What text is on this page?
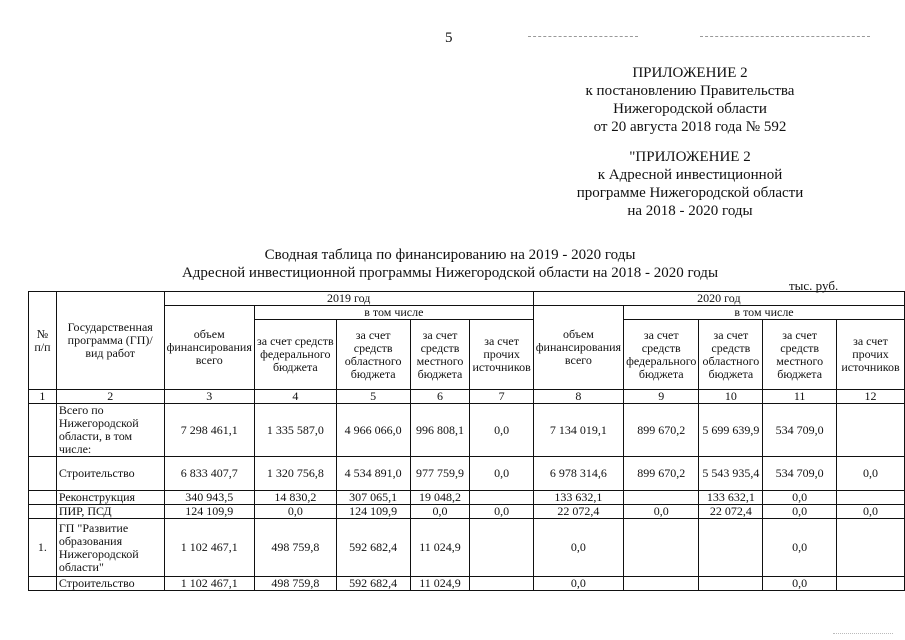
5
ПРИЛОЖЕНИЕ 2
к постановлению Правительства
Нижегородской области
от 20 августа 2018 года № 592
"ПРИЛОЖЕНИЕ 2
к Адресной инвестиционной
программе Нижегородской области
на 2018 - 2020 годы
Сводная таблица по финансированию на 2019 - 2020 годы
Адресной инвестиционной программы Нижегородской области на 2018 - 2020 годы
тыс. руб.
№ п/п	Государственная программа (ГП)/ вид работ	2019 год					2020 год				
		объем финансирования всего	в том числе				объем финансирования всего	в том числе			
			за счет средств федерального бюджета	за счет средств областного бюджета	за счет средств местного бюджета	за счет прочих источников		за счет средств федерального бюджета	за счет средств областного бюджета	за счет средств местного бюджета	за счет прочих источников
1	2	3	4	5	6	7	8	9	10	11	12
	Всего по Нижегородской области, в том числе:	7 298 461,1	1 335 587,0	4 966 066,0	996 808,1	0,0	7 134 019,1	899 670,2	5 699 639,9	534 709,0	
	Строительство	6 833 407,7	1 320 756,8	4 534 891,0	977 759,9	0,0	6 978 314,6	899 670,2	5 543 935,4	534 709,0	0,0
	Реконструкция	340 943,5	14 830,2	307 065,1	19 048,2		133 632,1		133 632,1	0,0	
	ПИР, ПСД	124 109,9	0,0	124 109,9	0,0	0,0	22 072,4	0,0	22 072,4	0,0	0,0
1.	ГП "Развитие образования Нижегородской области"	1 102 467,1	498 759,8	592 682,4	11 024,9		0,0			0,0	
	Строительство	1 102 467,1	498 759,8	592 682,4	11 024,9		0,0			0,0	
